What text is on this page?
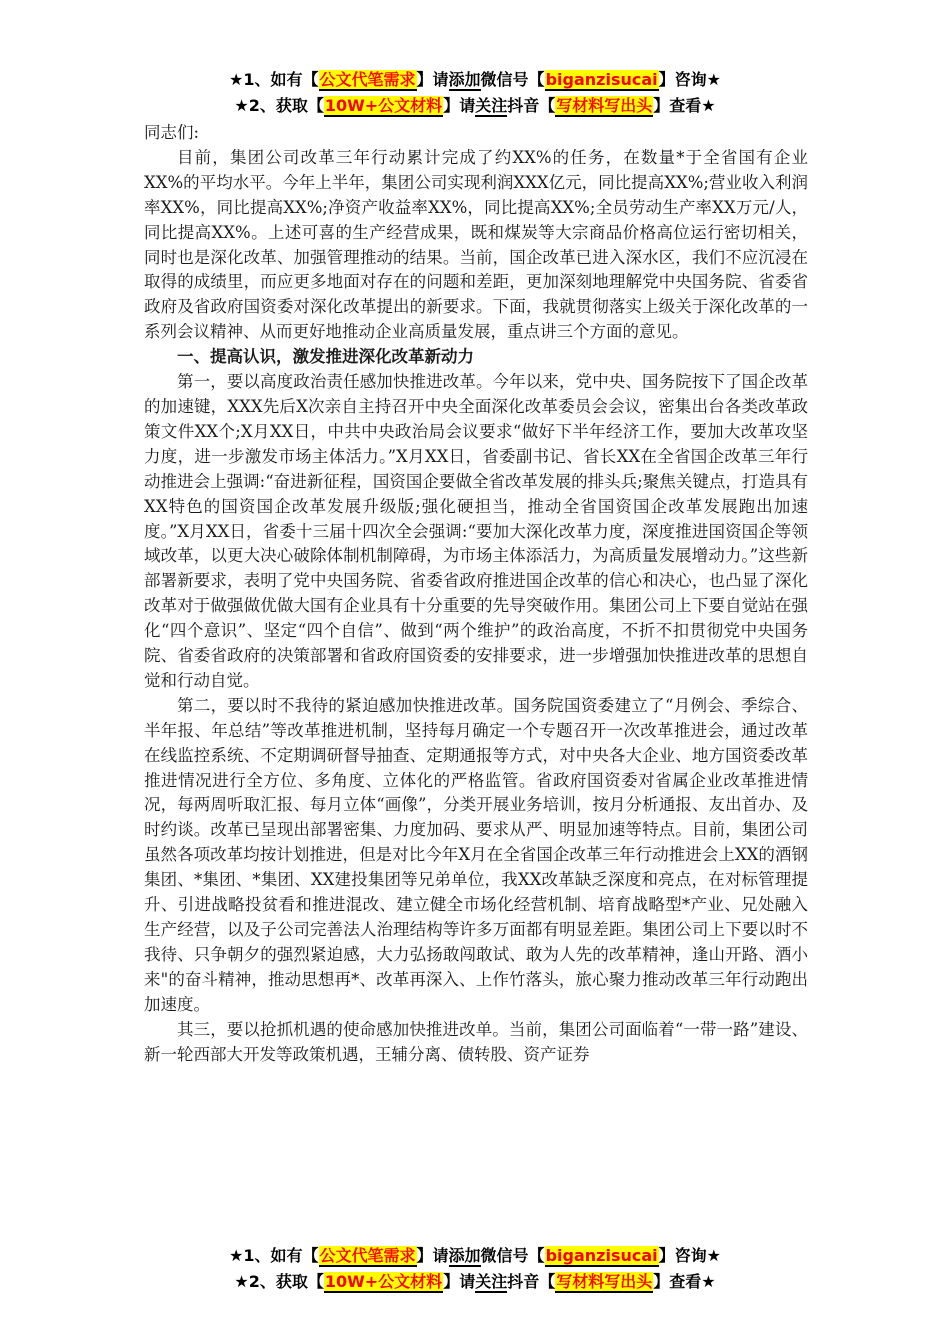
★1、如有【公文代笔需求】请添加微信号【biganzisucai】咨询★
★2、获取【10W+公文材料】请关注抖音【写材料写出头】查看★

同志们:

目前，集团公司改革三年行动累计完成了约XX%的任务，在数量*于全省国有企业XX%的平均水平。今年上半年，集团公司实现利润XXX亿元，同比提高XX%;营业收入利润率XX%，同比提高XX%;净资产收益率XX%，同比提高XX%;全员劳动生产率XX万元/人，同比提高XX%。上述可喜的生产经营成果，既和煤炭等大宗商品价格高位运行密切相关，同时也是深化改革、加强管理推动的结果。当前，国企改革已进入深水区，我们不应沉浸在取得的成绩里，而应更多地面对存在的问题和差距，更加深刻地理解党中央国务院、省委省政府及省政府国资委对深化改革提出的新要求。下面，我就贯彻落实上级关于深化改革的一系列会议精神、从而更好地推动企业高质量发展，重点讲三个方面的意见。

一、提高认识，激发推进深化改革新动力

第一，要以高度政治责任感加快推进改革。今年以来，党中央、国务院按下了国企改革的加速键，XXX先后X次亲自主持召开中央全面深化改革委员会会议，密集出台各类改革政策文件XX个;X月XX日，中共中央政治局会议要求“做好下半年经济工作，要加大改革攻坚力度，进一步激发市场主体活力。”X月XX日，省委副书记、省长XX在全省国企改革三年行动推进会上强调:“奋进新征程，国资国企要做全省改革发展的排头兵;聚焦关键点，打造具有XX特色的国资国企改革发展升级版;强化硬担当，推动全省国资国企改革发展跑出加速度。”X月XX日，省委十三届十四次全会强调:“要加大深化改革力度，深度推进国资国企等领域改革，以更大决心破除体制机制障碍，为市场主体添活力，为高质量发展增动力。”这些新部署新要求，表明了党中央国务院、省委省政府推进国企改革的信心和决心，也凸显了深化改革对于做强做优做大国有企业具有十分重要的先导突破作用。集团公司上下要自觉站在强化“四个意识”、坚定“四个自信”、做到“两个维护”的政治高度，不折不扣贯彻党中央国务院、省委省政府的决策部署和省政府国资委的安排要求，进一步增强加快推进改革的思想自觉和行动自觉。

第二，要以时不我待的紧迫感加快推进改革。国务院国资委建立了“月例会、季综合、半年报、年总结”等改革推进机制，坚持每月确定一个专题召开一次改革推进会，通过改革在线监控系统、不定期调研督导抽查、定期通报等方式，对中央各大企业、地方国资委改革推进情况进行全方位、多角度、立体化的严格监管。省政府国资委对省属企业改革推进情况，每两周听取汇报、每月立体“画像”，分类开展业务培训，按月分析通报、友出首办、及时约谈。改革已呈现出部署密集、力度加码、要求从严、明显加速等特点。目前，集团公司虽然各项改革均按计划推进，但是对比今年X月在全省国企改革三年行动推进会上XX的酒钢集团、*集团、*集团、XX建投集团等兄弟单位，我XX改革缺乏深度和亮点，在对标管理提升、引进战略投贫看和推进混改、建立健全市场化经营机制、培育战略型*产业、兄处融入生产经营，以及子公司完善法人治理结构等许多万面都有明显差距。集团公司上下要以时不我待、只争朝夕的强烈紧迫感，大力弘扬敢闯敢试、敢为人先的改革精神，逢山开路、酒小来"的奋斗精神，推动思想再*、改革再深入、上作竹落头，旅心聚力推动改革三年行动跑出加速度。

其三，要以抢抓机遇的使命感加快推进改单。当前，集团公司面临着“一带一路”建设、新一轮西部大开发等政策机遇，王辅分离、债转股、资产证券

★1、如有【公文代笔需求】请添加微信号【biganzisucai】咨询★
★2、获取【10W+公文材料】请关注抖音【写材料写出头】查看★
